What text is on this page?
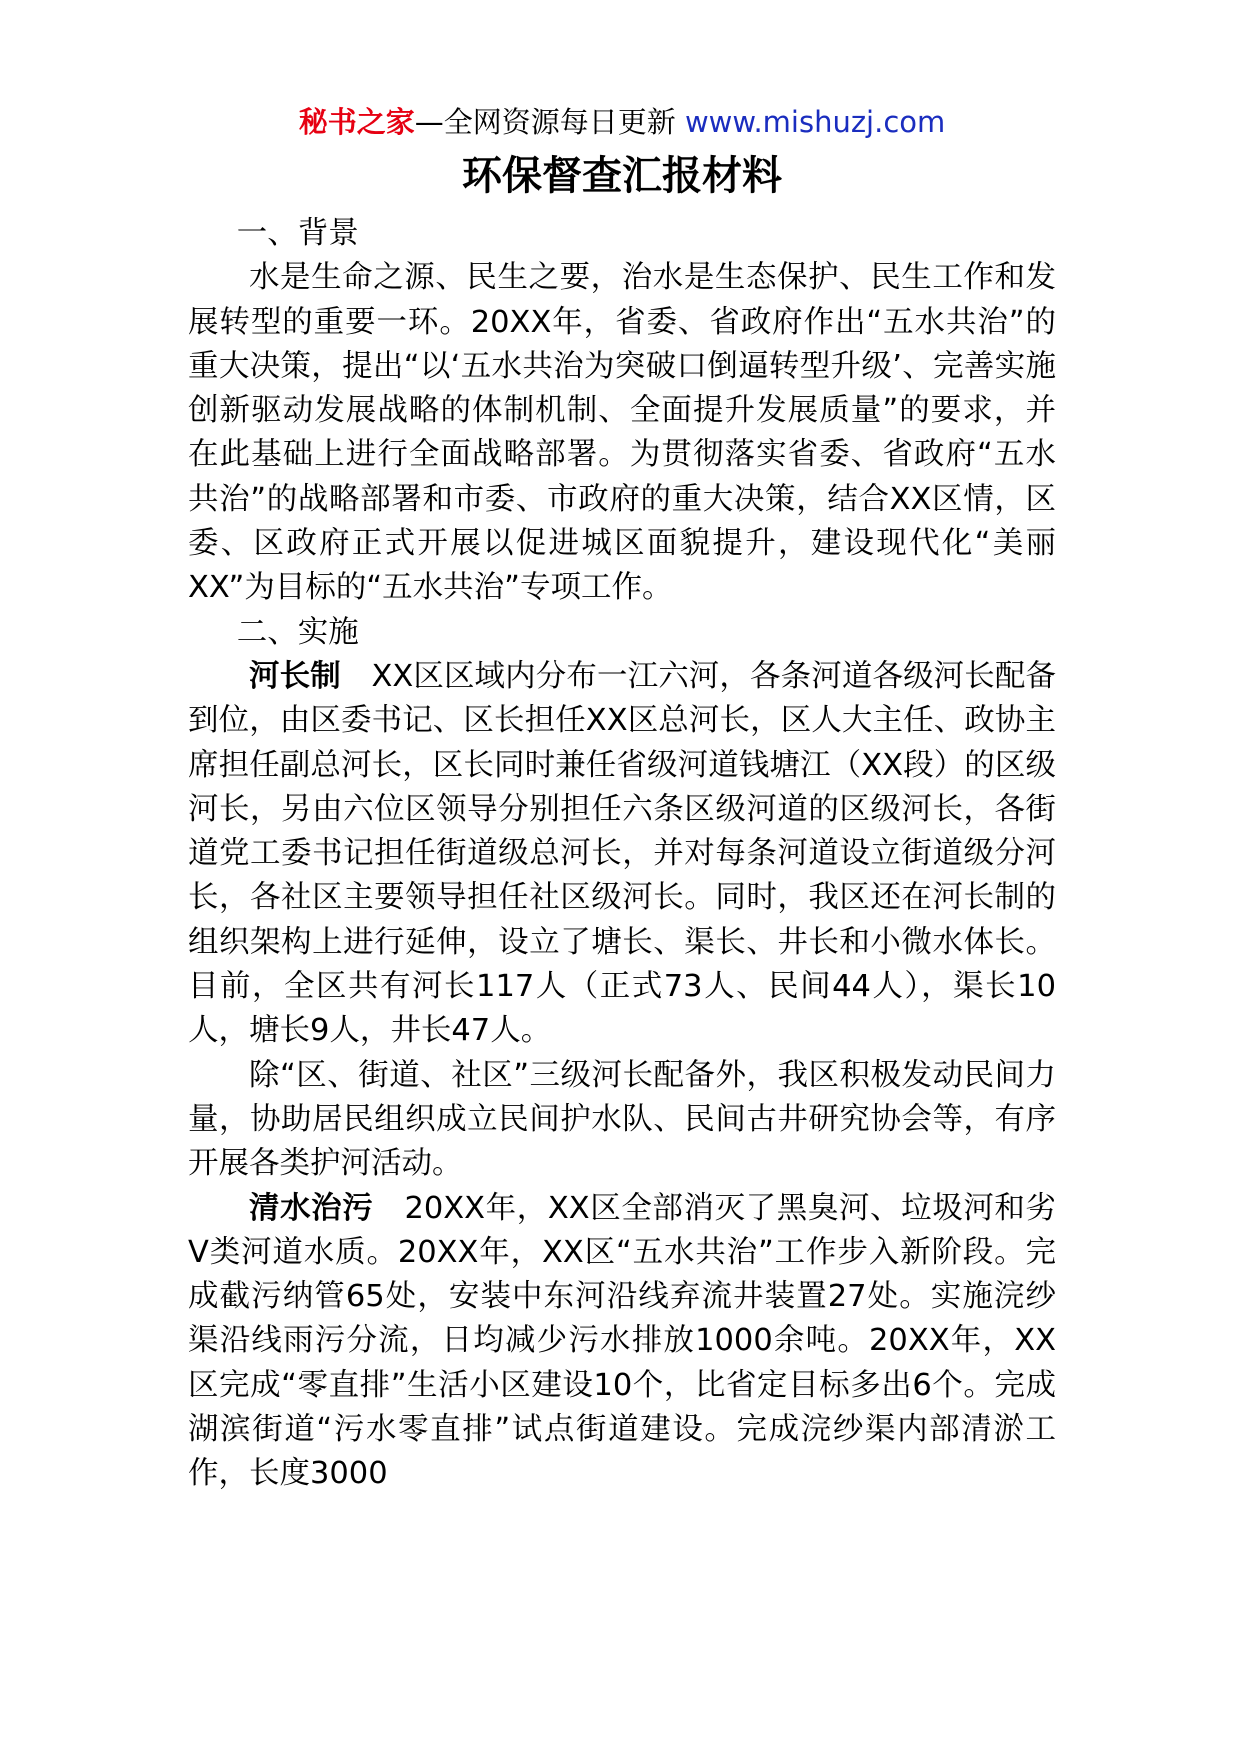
秘书之家—全网资源每日更新 www.mishuzj.com
环保督查汇报材料

一、背景

水是生命之源、民生之要，治水是生态保护、民生工作和发展转型的重要一环。20XX年，省委、省政府作出“五水共治”的重大决策，提出“以‘五水共治为突破口倒逼转型升级’、完善实施创新驱动发展战略的体制机制、全面提升发展质量”的要求，并在此基础上进行全面战略部署。为贯彻落实省委、省政府“五水共治”的战略部署和市委、市政府的重大决策，结合XX区情，区委、区政府正式开展以促进城区面貌提升，建设现代化“美丽XX”为目标的“五水共治”专项工作。

二、实施

河长制　 XX区区域内分布一江六河，各条河道各级河长配备到位，由区委书记、区长担任XX区总河长，区人大主任、政协主席担任副总河长，区长同时兼任省级河道钱塘江（XX段）的区级河长，另由六位区领导分别担任六条区级河道的区级河长，各街道党工委书记担任街道级总河长，并对每条河道设立街道级分河长，各社区主要领导担任社区级河长。同时，我区还在河长制的组织架构上进行延伸，设立了塘长、渠长、井长和小微水体长。目前，全区共有河长117人（正式73人、民间44人），渠长10人，塘长9人，井长47人。

除“区、街道、社区”三级河长配备外，我区积极发动民间力量，协助居民组织成立民间护水队、民间古井研究协会等，有序开展各类护河活动。

清水治污　 20XX年，XX区全部消灭了黑臭河、垃圾河和劣Ⅴ类河道水质。20XX年，XX区“五水共治”工作步入新阶段。完成截污纳管65处，安装中东河沿线弃流井装置27处。实施浣纱渠沿线雨污分流，日均减少污水排放1000余吨。20XX年，XX区完成“零直排”生活小区建设10个，比省定目标多出6个。完成湖滨街道“污水零直排”试点街道建设。完成浣纱渠内部清淤工作，长度3000
